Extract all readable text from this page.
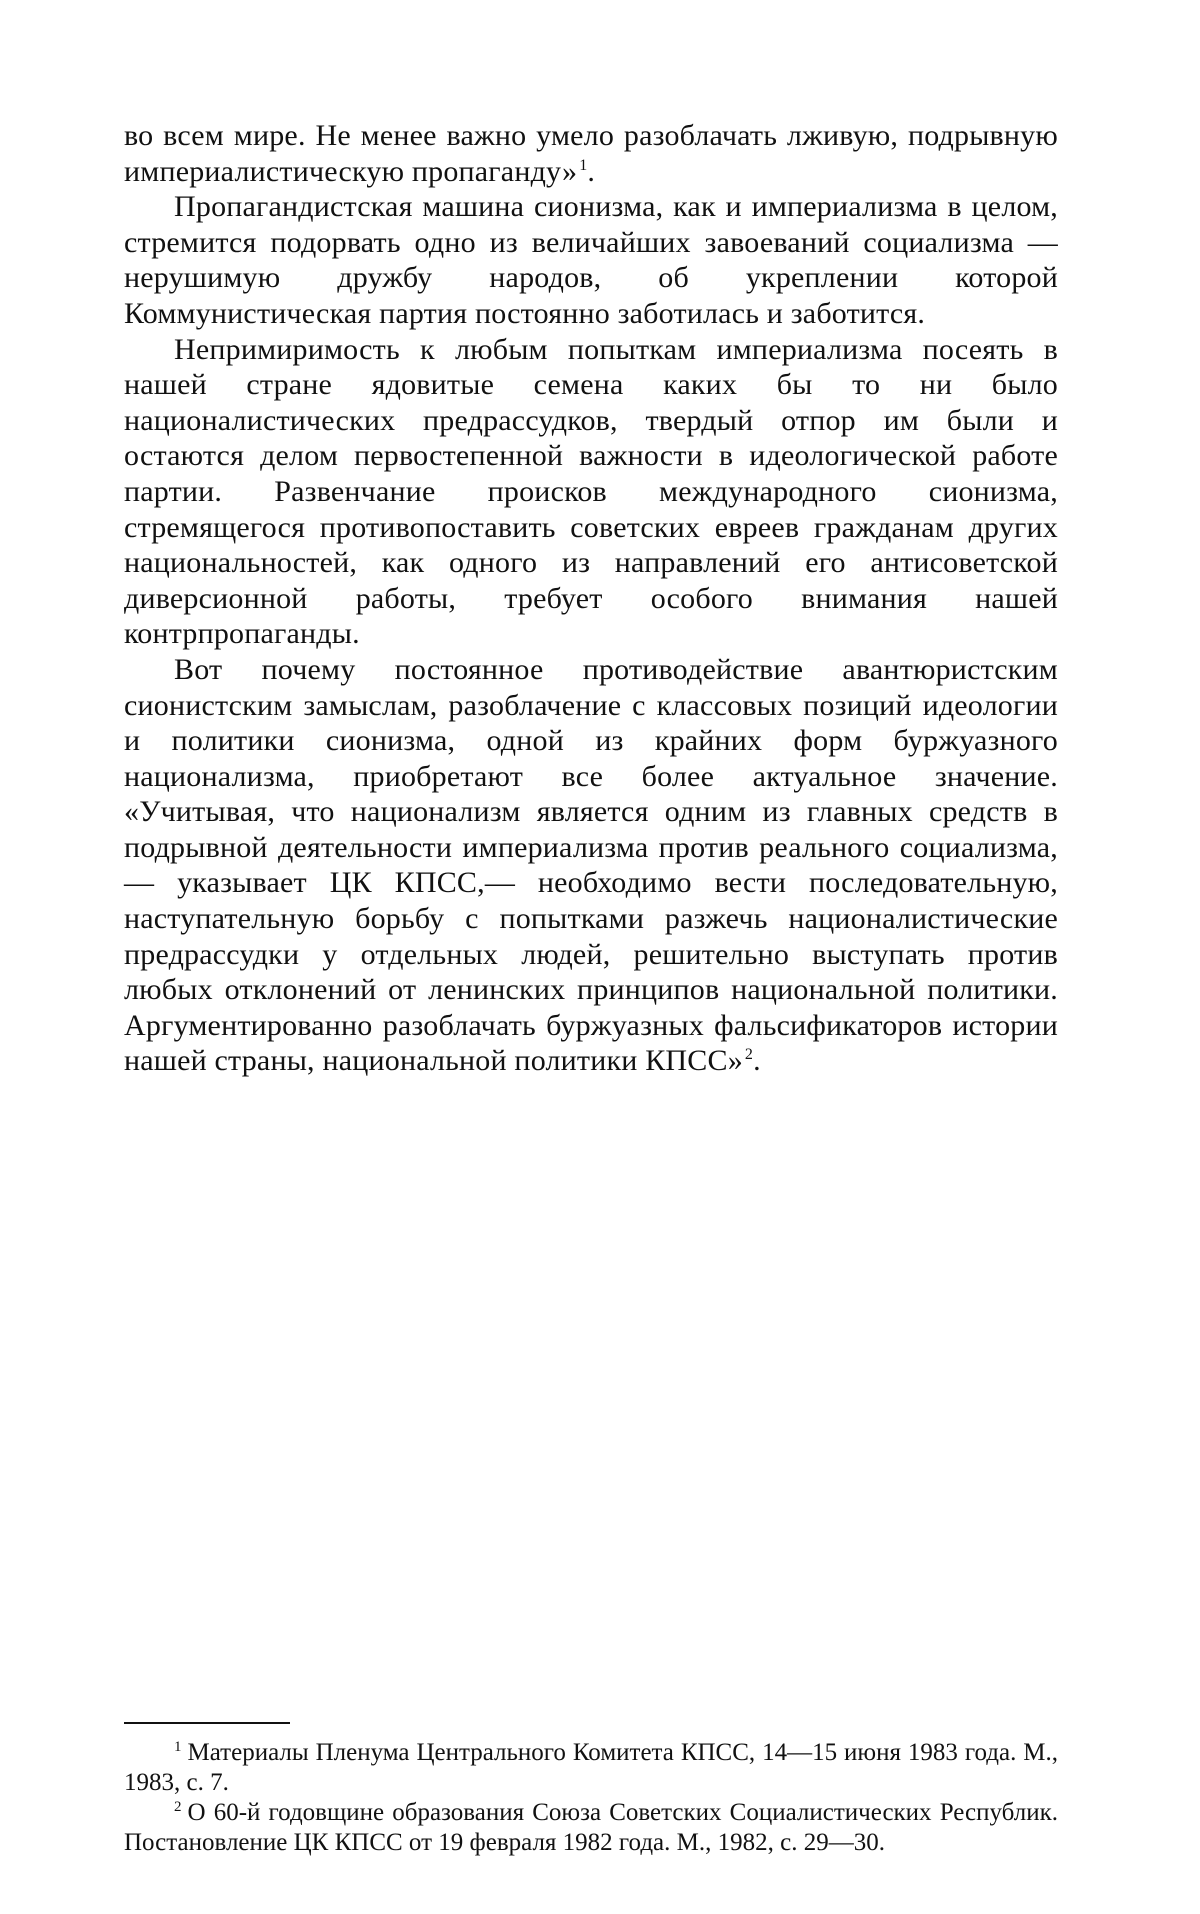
во всем мире. Не менее важно умело разоблачать лживую, подрывную империалистическую пропаганду» $^1$.

Пропагандистская машина сионизма, как и империализма в целом, стремится подорвать одно из величайших завоеваний социализма — нерушимую дружбу народов, об укреплении которой Коммунистическая партия постоянно заботилась и заботится.

Непримиримость к любым попыткам империализма посеять в нашей стране ядовитые семена каких бы то ни было националистических предрассудков, твердый отпор им были и остаются делом первостепенной важности в идеологической работе партии. Развенчание происков международного сионизма, стремящегося противопоставить советских евреев гражданам других национальностей, как одного из направлений его антисоветской диверсионной работы, требует особого внимания нашей контрпропаганды.

Вот почему постоянное противодействие авантюристским сионистским замыслам, разоблачение с классовых позиций идеологии и политики сионизма, одной из крайних форм буржуазного национализма, приобретают все более актуальное значение. «Учитывая, что национализм является одним из главных средств в подрывной деятельности империализма против реального социализма,— указывает ЦК КПСС,— необходимо вести последовательную, наступательную борьбу с попытками разжечь националистические предрассудки у отдельных людей, решительно выступать против любых отклонений от ленинских принципов национальной политики. Аргументированно разоблачать буржуазных фальсификаторов истории нашей страны, национальной политики КПСС» $^2$.

$^1$ Материалы Пленума Центрального Комитета КПСС, 14—15 июня 1983 года. М., 1983, с. 7.

$^2$ О 60-й годовщине образования Союза Советских Социалистических Республик. Постановление ЦК КПСС от 19 февраля 1982 года. М., 1982, с. 29—30.
